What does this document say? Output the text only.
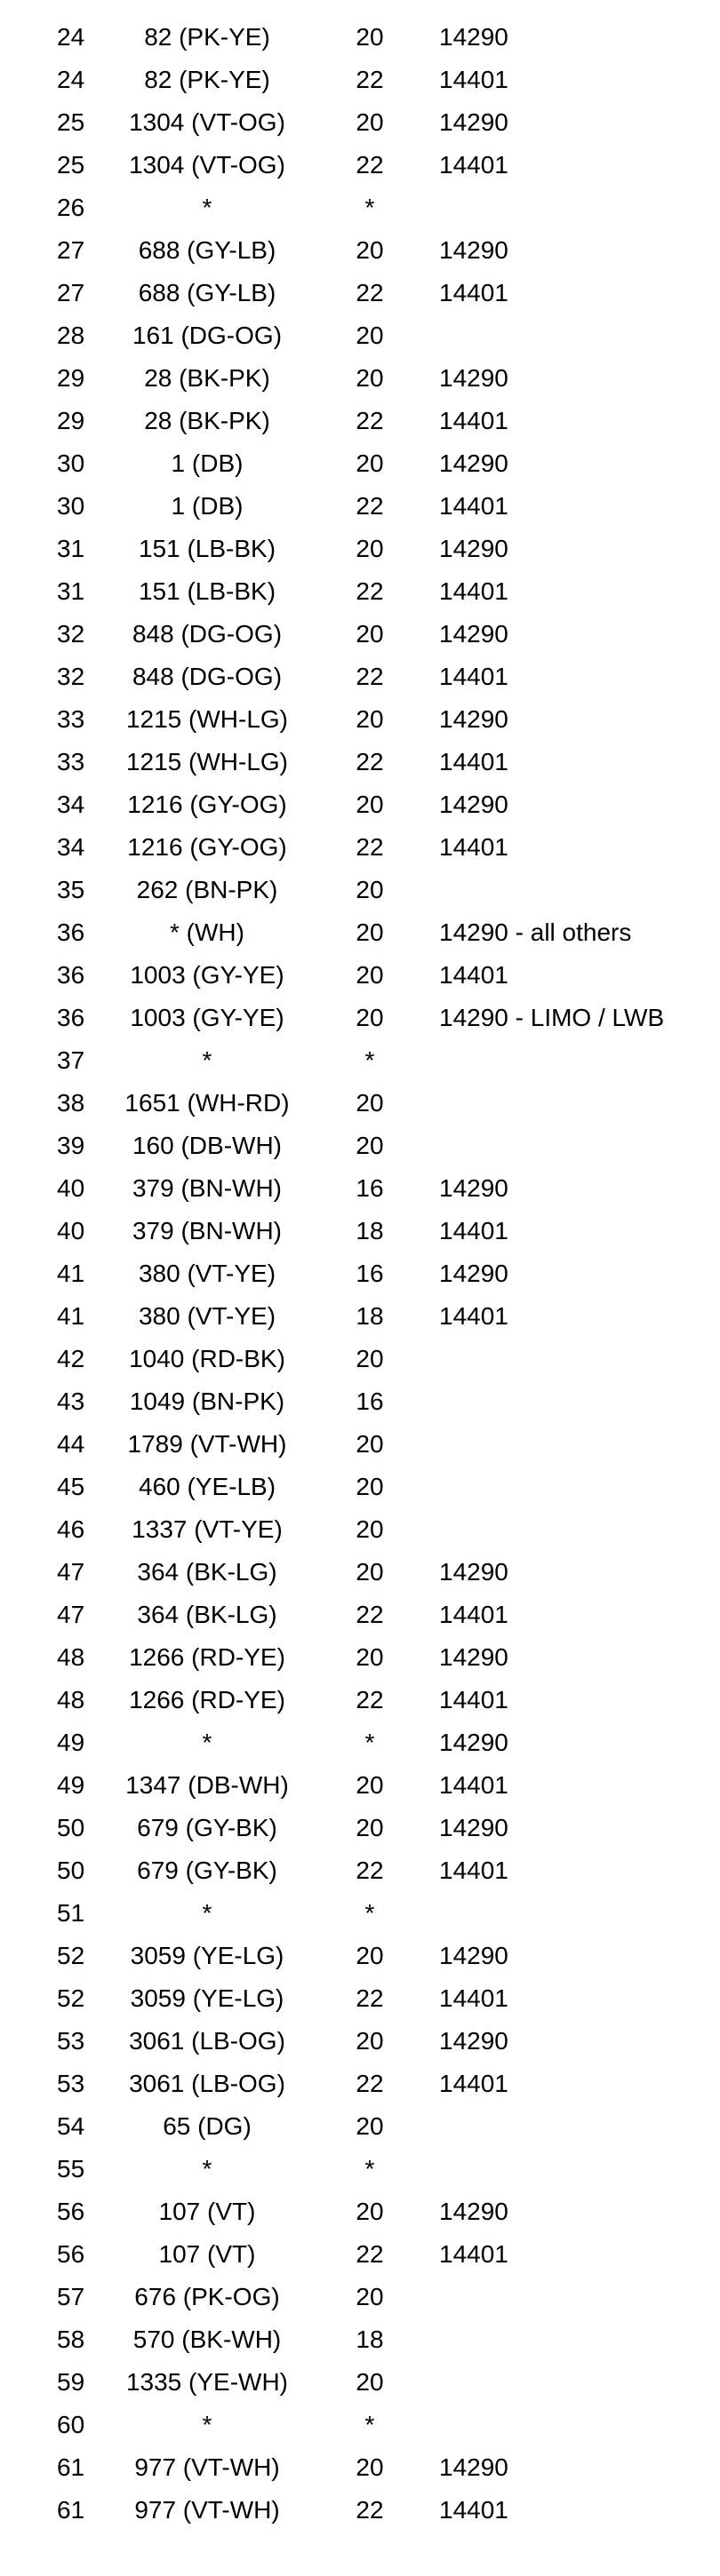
24	82 (PK-YE)	20	14290
24	82 (PK-YE)	22	14401
25	1304 (VT-OG)	20	14290
25	1304 (VT-OG)	22	14401
26	*	*
27	688 (GY-LB)	20	14290
27	688 (GY-LB)	22	14401
28	161 (DG-OG)	20
29	28 (BK-PK)	20	14290
29	28 (BK-PK)	22	14401
30	1 (DB)	20	14290
30	1 (DB)	22	14401
31	151 (LB-BK)	20	14290
31	151 (LB-BK)	22	14401
32	848 (DG-OG)	20	14290
32	848 (DG-OG)	22	14401
33	1215 (WH-LG)	20	14290
33	1215 (WH-LG)	22	14401
34	1216 (GY-OG)	20	14290
34	1216 (GY-OG)	22	14401
35	262 (BN-PK)	20
36	* (WH)	20	14290 - all others
36	1003 (GY-YE)	20	14401
36	1003 (GY-YE)	20	14290 - LIMO / LWB
37	*	*
38	1651 (WH-RD)	20
39	160 (DB-WH)	20
40	379 (BN-WH)	16	14290
40	379 (BN-WH)	18	14401
41	380 (VT-YE)	16	14290
41	380 (VT-YE)	18	14401
42	1040 (RD-BK)	20
43	1049 (BN-PK)	16
44	1789 (VT-WH)	20
45	460 (YE-LB)	20
46	1337 (VT-YE)	20
47	364 (BK-LG)	20	14290
47	364 (BK-LG)	22	14401
48	1266 (RD-YE)	20	14290
48	1266 (RD-YE)	22	14401
49	*	*	14290
49	1347 (DB-WH)	20	14401
50	679 (GY-BK)	20	14290
50	679 (GY-BK)	22	14401
51	*	*
52	3059 (YE-LG)	20	14290
52	3059 (YE-LG)	22	14401
53	3061 (LB-OG)	20	14290
53	3061 (LB-OG)	22	14401
54	65 (DG)	20
55	*	*
56	107 (VT)	20	14290
56	107 (VT)	22	14401
57	676 (PK-OG)	20
58	570 (BK-WH)	18
59	1335 (YE-WH)	20
60	*	*
61	977 (VT-WH)	20	14290
61	977 (VT-WH)	22	14401
